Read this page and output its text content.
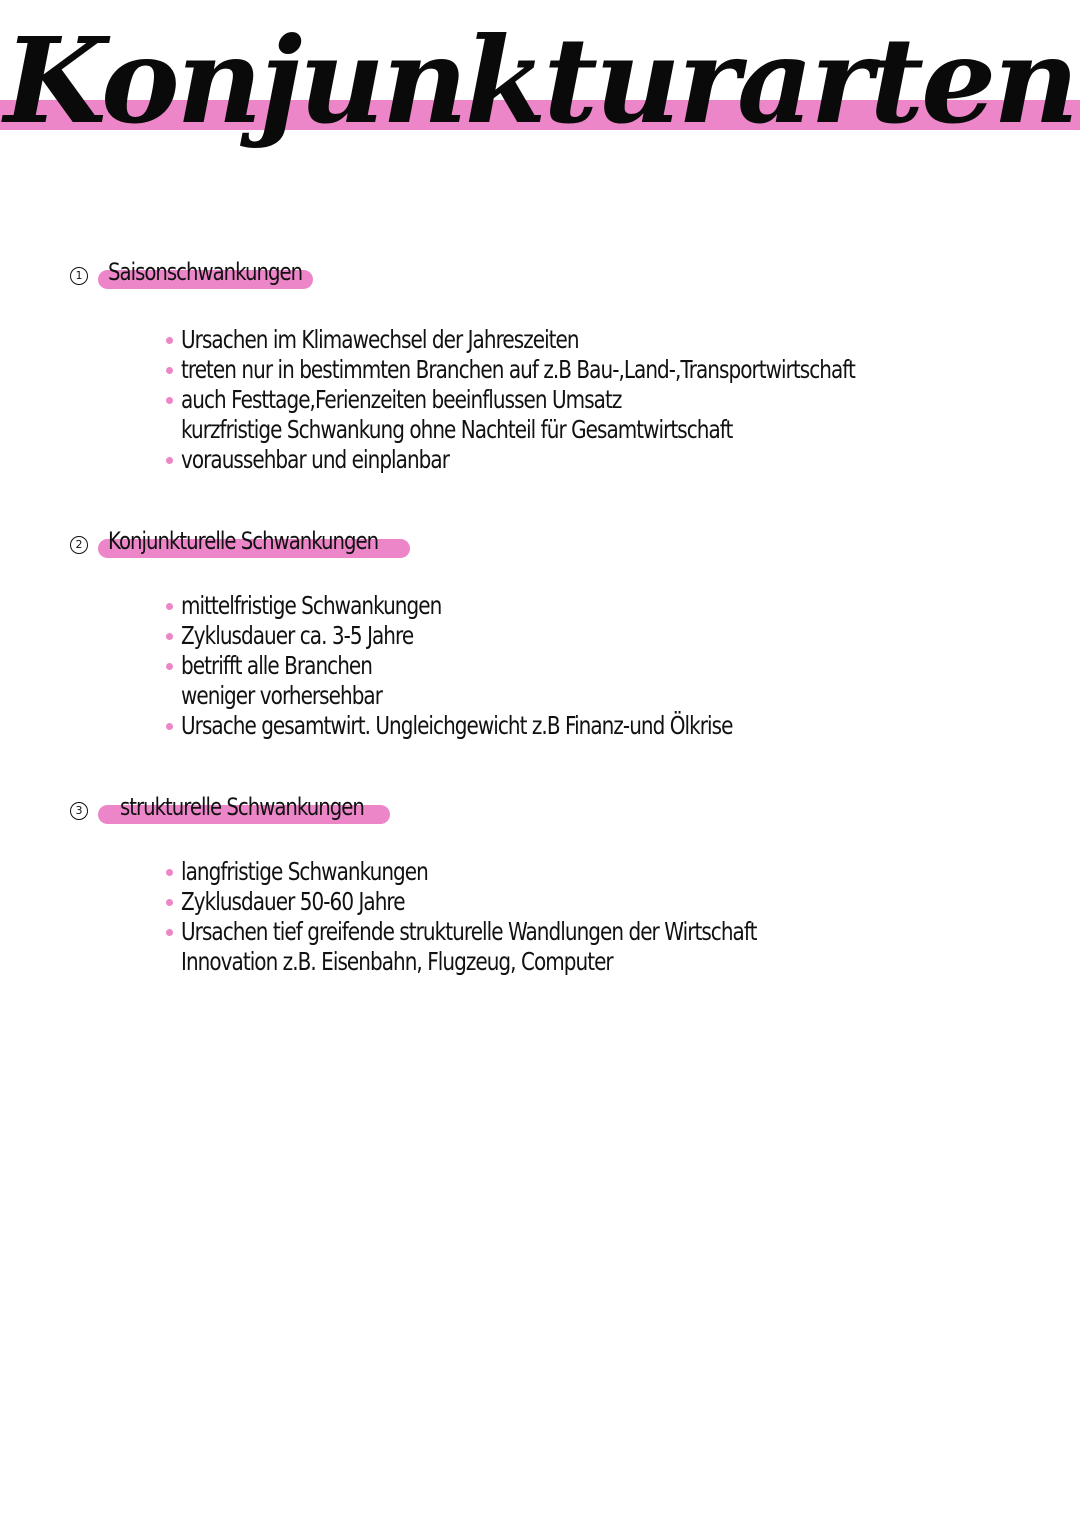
Konjunkturarten
1 Saisonschwankungen
Ursachen im Klimawechsel der Jahreszeiten
treten nur in bestimmten Branchen auf z.B Bau-,Land-,Transportwirtschaft
auch Festtage,Ferienzeiten beeinflussen Umsatz
kurzfristige Schwankung ohne Nachteil für Gesamtwirtschaft
voraussehbar und einplanbar
2 Konjunkturelle Schwankungen
mittelfristige Schwankungen
Zyklusdauer ca. 3-5 Jahre
betrifft alle Branchen
weniger vorhersehbar
Ursache gesamtwirt. Ungleichgewicht z.B Finanz-und Ölkrise
3 strukturelle Schwankungen
langfristige Schwankungen
Zyklusdauer 50-60 Jahre
Ursachen tief greifende strukturelle Wandlungen der Wirtschaft
Innovation z.B. Eisenbahn, Flugzeug, Computer
